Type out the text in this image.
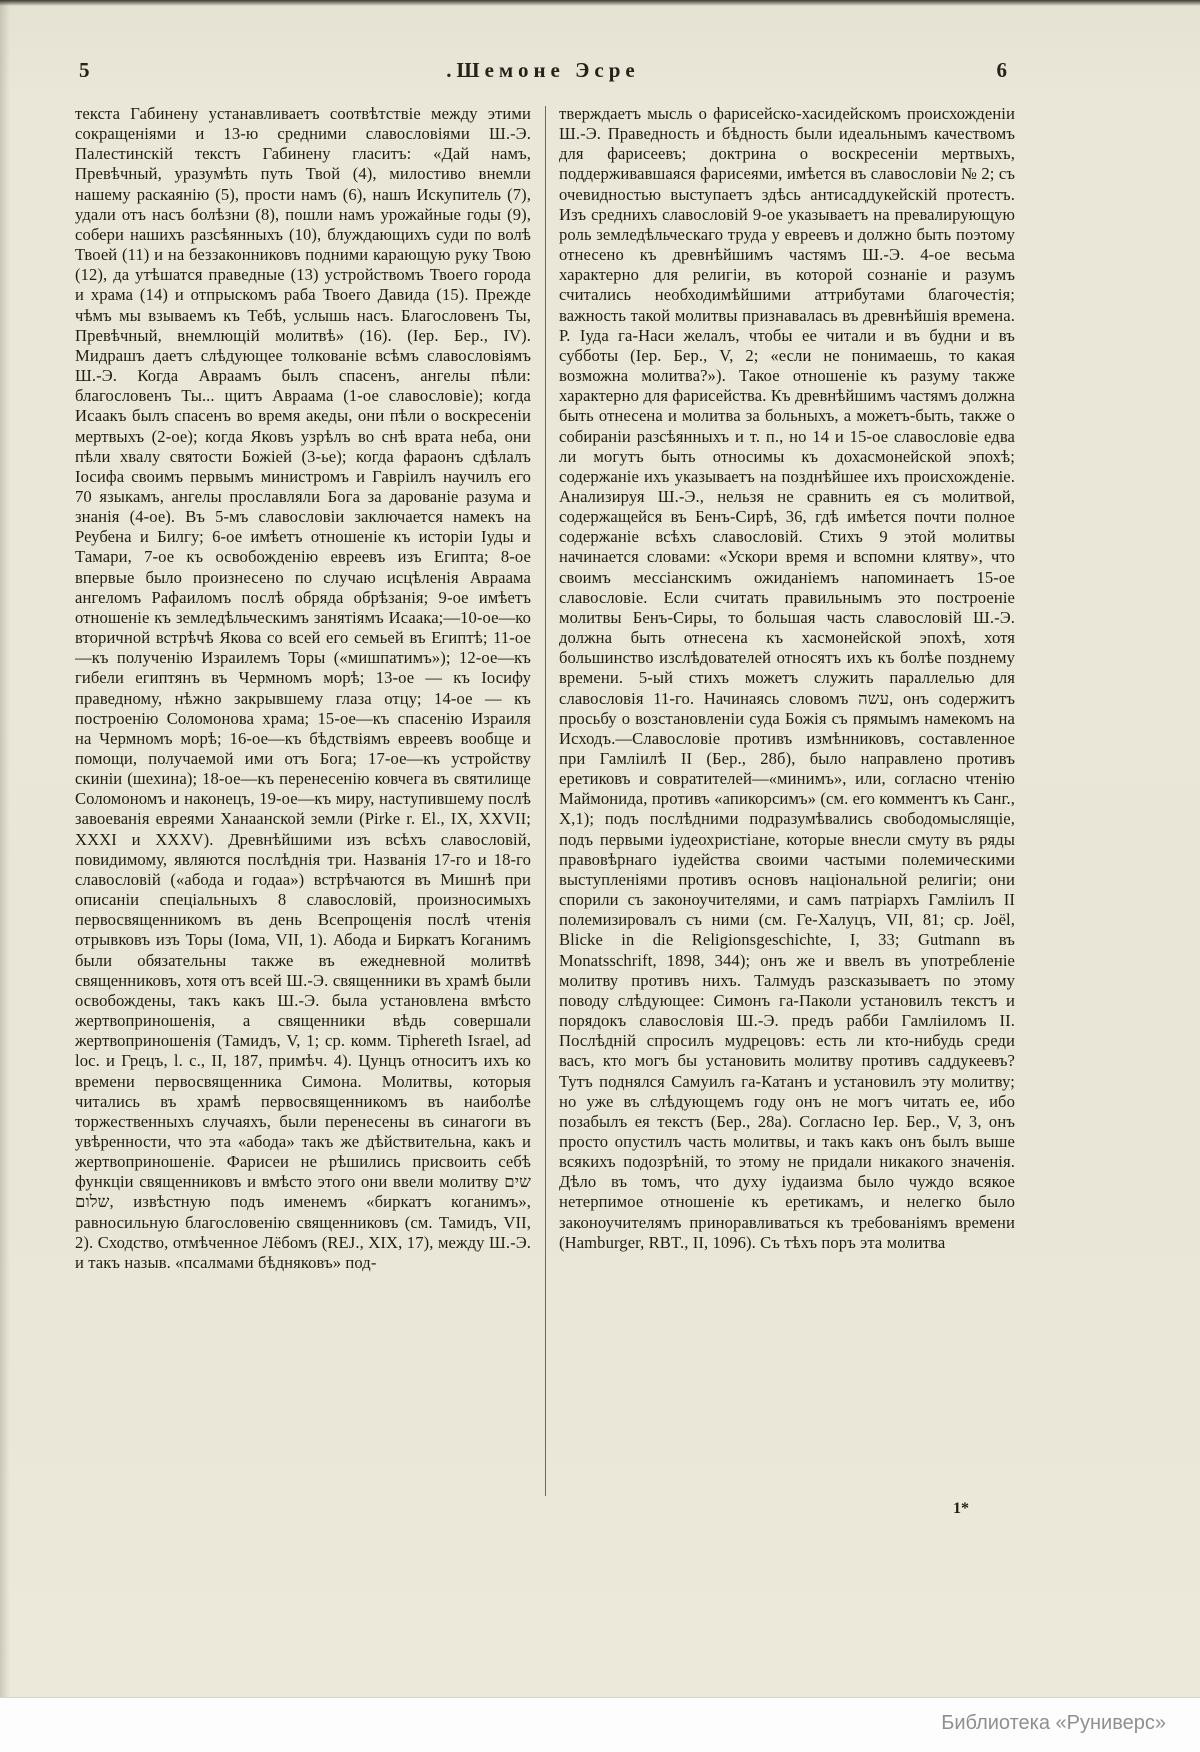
5	.Шемоне Эсре	6
текста Габинену устанавливаетъ соотвѣтствіе между этими сокращеніями и 13-ю средними славословіями Ш.-Э. Палестинскій текстъ Габинену гласитъ: «Дай намъ, Превѣчный, уразумѣть путь Твой (4), милостиво внемли нашему раскаянію (5), прости намъ (6), нашъ Искупитель (7), удали отъ насъ болѣзни (8), пошли намъ урожайные годы (9), собери нашихъ разсѣянныхъ (10), блуждающихъ суди по волѣ Твоей (11) и на беззаконниковъ подними карающую руку Твою (12), да утѣшатся праведные (13) устройствомъ Твоего города и храма (14) и отпрыскомъ раба Твоего Давида (15). Прежде чѣмъ мы взываемъ къ Тебѣ, услышь насъ. Благословенъ Ты, Превѣчный, внемлющій молитвѣ» (16). (Іер. Бер., IV). Мидрашъ даетъ слѣдующее толкованіе всѣмъ славословіямъ Ш.-Э. Когда Авраамъ былъ спасенъ, ангелы пѣли: благословенъ Ты... щитъ Авраама (1-ое славословіе); когда Исаакъ былъ спасенъ во время акеды, они пѣли о воскресеніи мертвыхъ (2-ое); когда Яковъ узрѣлъ во снѣ врата неба, они пѣли хвалу святости Божіей (3-ье); когда фараонъ сдѣлалъ Іосифа своимъ первымъ министромъ и Гавріилъ научилъ его 70 языкамъ, ангелы прославляли Бога за дарованіе разума и знанія (4-ое). Въ 5-мъ славословіи заключается намекъ на Реубена и Билгу; 6-ое имѣетъ отношеніе къ исторіи Іуды и Тамари, 7-ое къ освобожденію евреевъ изъ Египта; 8-ое впервые было произнесено по случаю исцѣленія Авраама ангеломъ Рафаиломъ послѣ обряда обрѣзанія; 9-ое имѣетъ отношеніе къ земледѣльческимъ занятіямъ Исаака;—10-ое—ко вторичной встрѣчѣ Якова со всей его семьей въ Египтѣ; 11-ое—къ полученію Израилемъ Торы («мишпатимъ»); 12-ое—къ гибели египтянъ въ Чермномъ морѣ; 13-ое — къ Іосифу праведному, нѣжно закрывшему глаза отцу; 14-ое — къ построенію Соломонова храма; 15-ое—къ спасенію Израиля на Чермномъ морѣ; 16-ое—къ бѣдствіямъ евреевъ вообще и помощи, получаемой ими отъ Бога; 17-ое—къ устройству скиніи (шехина); 18-ое—къ перенесенію ковчега въ святилище Соломономъ и наконецъ, 19-ое—къ миру, наступившему послѣ завоеванія евреями Ханаанской земли (Pirke r. El., IX, XXVII; XXXI и XXXV). Древнѣйшими изъ всѣхъ славословій, повидимому, являются послѣднія три. Названія 17-го и 18-го славословій («абода и годаа») встрѣчаются въ Мишнѣ при описаніи спеціальныхъ 8 славословій, произносимыхъ первосвященникомъ въ день Всепрощенія послѣ чтенія отрывковъ изъ Торы (Іома, VII, 1). Абода и Биркатъ Коганимъ были обязательны также въ ежедневной молитвѣ священниковъ, хотя отъ всей Ш.-Э. священники въ храмѣ были освобождены, такъ какъ Ш.-Э. была установлена вмѣсто жертвоприношенія, а священники вѣдь совершали жертвоприношенія (Тамидъ, V, 1; ср. комм. Tiphereth Israel, ad loc. и Грецъ, l. c., II, 187, примѣч. 4). Цунцъ относитъ ихъ ко времени первосвященника Симона. Молитвы, которыя читались въ храмѣ первосвященникомъ въ наиболѣе торжественныхъ случаяхъ, были перенесены въ синагоги въ увѣренности, что эта «абода» такъ же дѣйствительна, какъ и жертвоприношеніе. Фарисеи не рѣшились присвоить себѣ функціи священниковъ и вмѣсто этого они ввели молитву שים שלום, извѣстную подъ именемъ «биркатъ коганимъ», равносильную благословенію священниковъ (см. Тамидъ, VII, 2). Сходство, отмѣченное Лёбомъ (REJ., XIX, 17), между Ш.-Э. и такъ назыв. «псалмами бѣдняковъ» под-
тверждаетъ мысль о фарисейско-хасидейскомъ происхожденіи Ш.-Э. Праведность и бѣдность были идеальнымъ качествомъ для фарисеевъ; доктрина о воскресеніи мертвыхъ, поддерживавшаяся фарисеями, имѣется въ славословіи № 2; съ очевидностью выступаетъ здѣсь антисаддукейскій протестъ. Изъ среднихъ славословій 9-ое указываетъ на превалирующую роль земледѣльческаго труда у евреевъ и должно быть поэтому отнесено къ древнѣйшимъ частямъ Ш.-Э. 4-ое весьма характерно для религіи, въ которой сознаніе и разумъ считались необходимѣйшими аттрибутами благочестія; важность такой молитвы признавалась въ древнѣйшія времена. Р. Іуда га-Наси желалъ, чтобы ее читали и въ будни и въ субботы (Іер. Бер., V, 2; «если не понимаешь, то какая возможна молитва?»). Такое отношеніе къ разуму также характерно для фарисейства. Къ древнѣйшимъ частямъ должна быть отнесена и молитва за больныхъ, а можетъ-быть, также о собираніи разсѣянныхъ и т. п., но 14 и 15-ое славословіе едва ли могутъ быть относимы къ дохасмонейской эпохѣ; содержаніе ихъ указываетъ на позднѣйшее ихъ происхожденіе. Анализируя Ш.-Э., нельзя не сравнить ея съ молитвой, содержащейся въ Бенъ-Сирѣ, 36, гдѣ имѣется почти полное содержаніе всѣхъ славословій. Стихъ 9 этой молитвы начинается словами: «Ускори время и вспомни клятву», что своимъ мессіанскимъ ожиданіемъ напоминаетъ 15-ое славословіе. Если считать правильнымъ это построеніе молитвы Бенъ-Сиры, то большая часть славословій Ш.-Э. должна быть отнесена къ хасмонейской эпохѣ, хотя большинство изслѣдователей относятъ ихъ къ болѣе позднему времени. 5-ый стихъ можетъ служить параллелью для славословія 11-го. Начинаясь словомъ עשה, онъ содержитъ просьбу о возстановленіи суда Божія съ прямымъ намекомъ на Исходъ.—Славословіе противъ измѣнниковъ, составленное при Гамліилѣ II (Бер., 28б), было направлено противъ еретиковъ и совратителей—«минимъ», или, согласно чтенію Маймонида, противъ «апикорсимъ» (см. его комментъ къ Санг., X,1); подъ послѣдними подразумѣвались свободомыслящіе, подъ первыми іудеохристіане, которые внесли смуту въ ряды правовѣрнаго іудейства своими частыми полемическими выступленіями противъ основъ національной религіи; они спорили съ законоучителями, и самъ патріархъ Гамліилъ II полемизировалъ съ ними (см. Ге-Халуцъ, VII, 81; ср. Joël, Blicke in die Religionsgeschichte, I, 33; Gutmann въ Monatsschrift, 1898, 344); онъ же и ввелъ въ употребленіе молитву противъ нихъ. Талмудъ разсказываетъ по этому поводу слѣдующее: Симонъ га-Паколи установилъ текстъ и порядокъ славословія Ш.-Э. предъ рабби Гамліиломъ II. Послѣдній спросилъ мудрецовъ: есть ли кто-нибудь среди васъ, кто могъ бы установить молитву противъ саддукеевъ? Тутъ поднялся Самуилъ га-Катанъ и установилъ эту молитву; но уже въ слѣдующемъ году онъ не могъ читать ее, ибо позабылъ ея текстъ (Бер., 28а). Согласно Іер. Бер., V, 3, онъ просто опустилъ часть молитвы, и такъ какъ онъ былъ выше всякихъ подозрѣній, то этому не придали никакого значенія. Дѣло въ томъ, что духу іудаизма было чуждо всякое нетерпимое отношеніе къ еретикамъ, и нелегко было законоучителямъ приноравливаться къ требованіямъ времени (Hamburger, RBT., II, 1096). Съ тѣхъ поръ эта молитва
1*
Библиотека «Руниверс»
